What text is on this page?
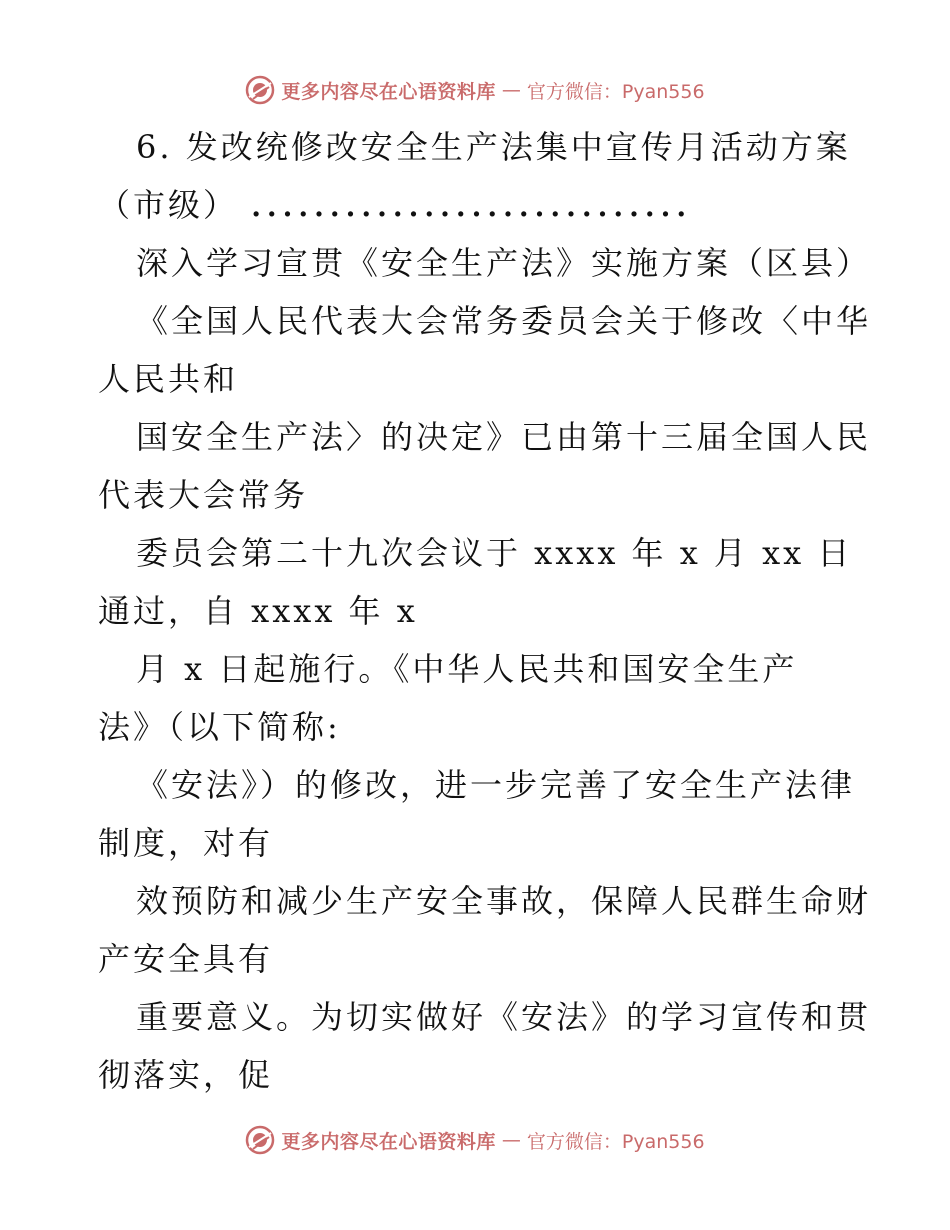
更多内容尽在心语资料库 — 官方微信：Pyan556
6. 发改统修改安全生产法集中宣传月活动方案
（市级） ............................
深入学习宣贯《安全生产法》实施方案（区县）
《全国人民代表大会常务委员会关于修改〈中华
人民共和
国安全生产法〉的决定》已由第十三届全国人民
代表大会常务
委员会第二十九次会议于 xxxx 年 x 月 xx 日
通过，自 xxxx 年 x
月 x 日起施行。《中华人民共和国安全生产
法》（以下简称:
《安法》）的修改，进一步完善了安全生产法律
制度，对有
效预防和减少生产安全事故，保障人民群生命财
产安全具有
重要意义。为切实做好《安法》的学习宣传和贯
彻落实，促
更多内容尽在心语资料库 — 官方微信：Pyan556
